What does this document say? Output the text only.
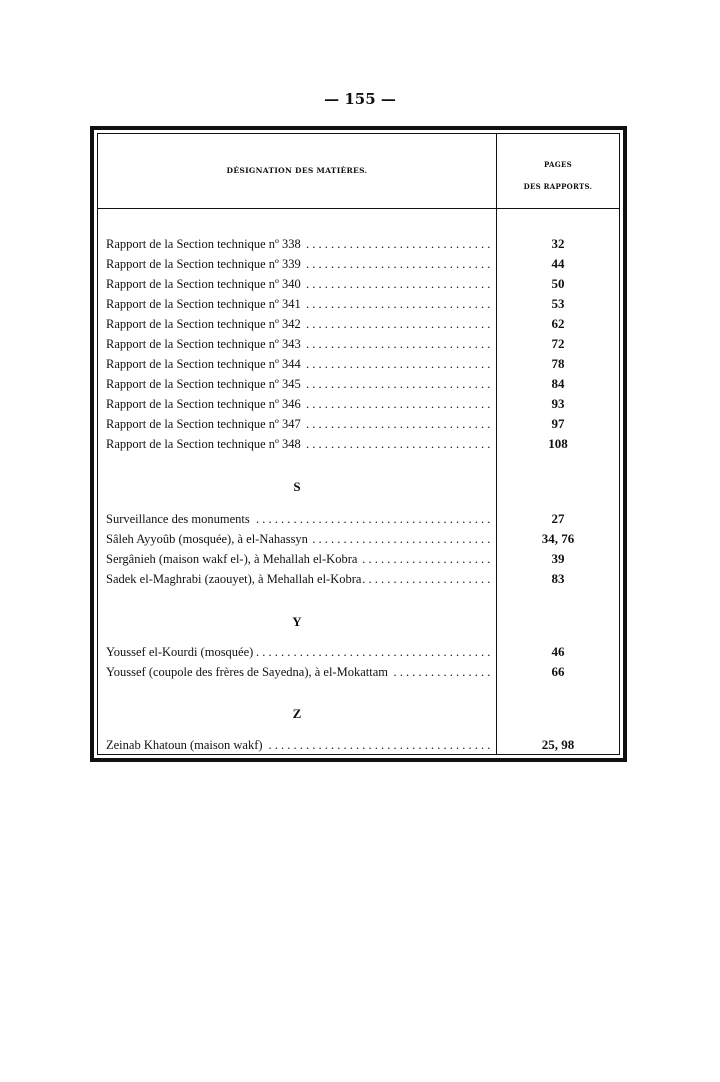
— 155 —
DÉSIGNATION DES MATIÈRES.
PAGES
DES RAPPORTS.
Rapport de la Section technique nº 338 . . .	32
Rapport de la Section technique nº 339 . . .	44
Rapport de la Section technique nº 340 . . .	50
Rapport de la Section technique nº 341 . . .	53
Rapport de la Section technique nº 342 . . .	62
Rapport de la Section technique nº 343 . . .	72
Rapport de la Section technique nº 344 . . .	78
Rapport de la Section technique nº 345 . . .	84
Rapport de la Section technique nº 346 . . .	93
Rapport de la Section technique nº 347 . . .	97
Rapport de la Section technique nº 348 . . .	108
S
Surveillance des monuments . . .	27
Sâleh Ayyoûb (mosquée), à el-Nahassyn . . .	34, 76
Sergânieh (maison wakf el-), à Mehallah el-Kobra . . .	39
Sadek el-Maghrabi (zaouyet), à Mehallah el-Kobra . . .	83
Y
Youssef el-Kourdi (mosquée) . . .	46
Youssef (coupole des frères de Sayedna), à el-Mokattam . . .	66
Z
Zeinab Khatoun (maison wakf) . . .	25, 98
